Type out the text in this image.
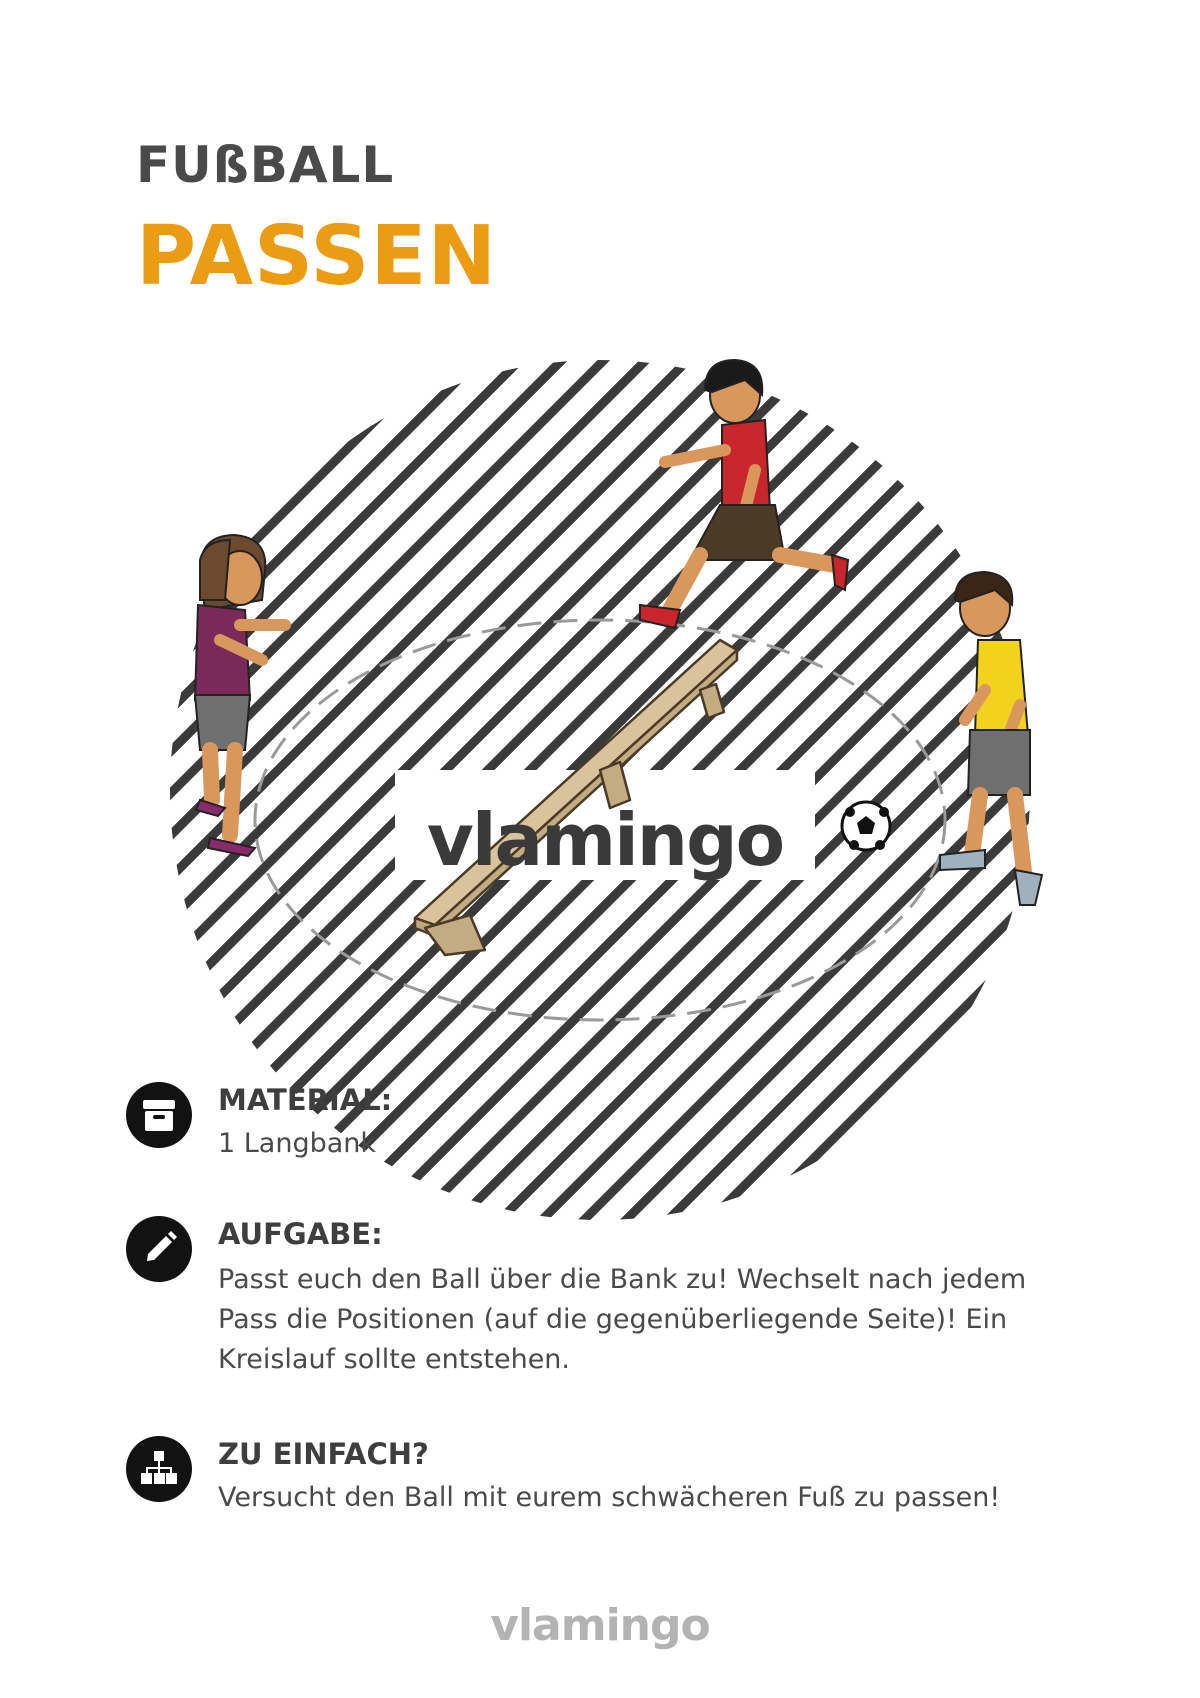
FUßBALL
PASSEN
vlamingo
MATERIAL:
1 Langbank
AUFGABE:
Passt euch den Ball über die Bank zu! Wechselt nach jedem Pass die Positionen (auf die gegenüberliegende Seite)! Ein Kreislauf sollte entstehen.
ZU EINFACH?
Versucht den Ball mit eurem schwächeren Fuß zu passen!
vlamingo
